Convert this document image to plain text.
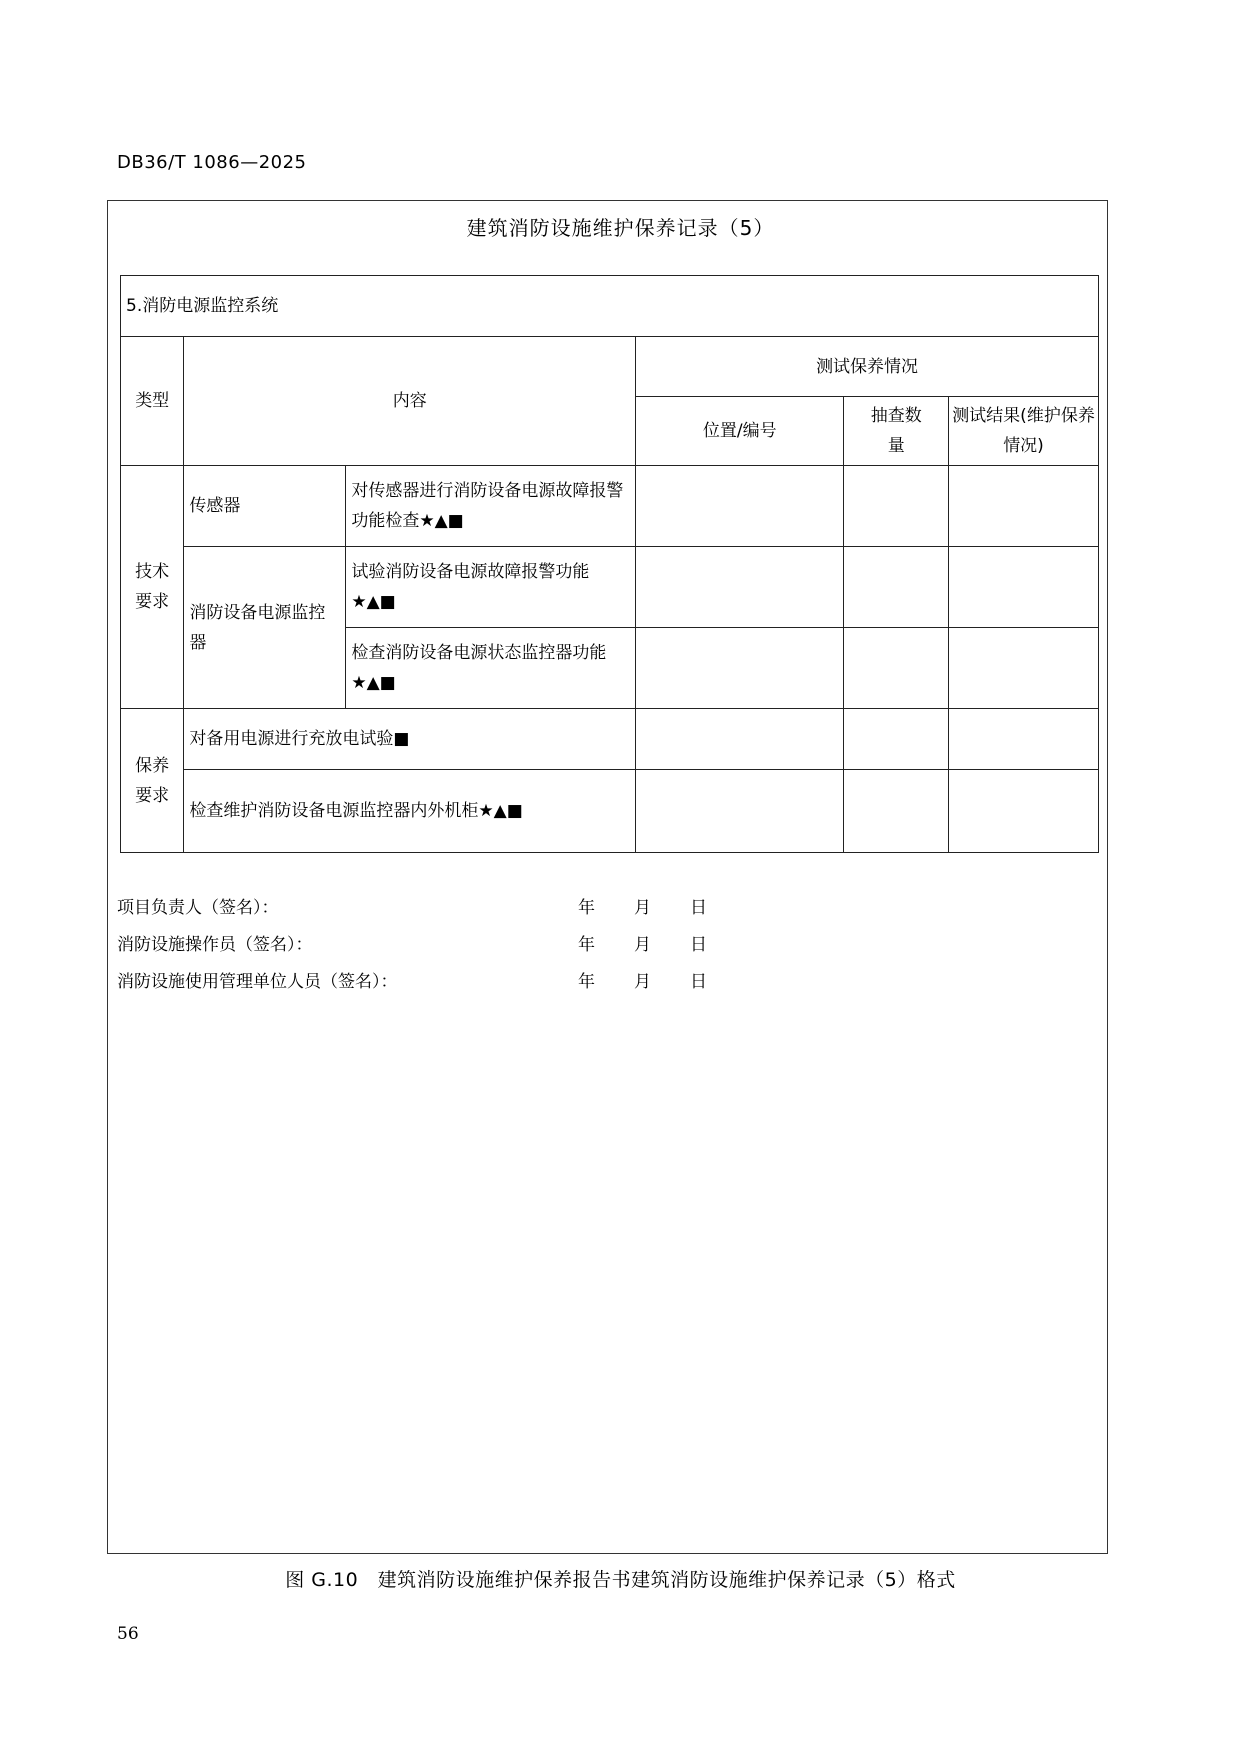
DB36/T 1086—2025
建筑消防设施维护保养记录（5）
5.消防电源监控系统					
类型	内容		测试保养情况		
			位置/编号	抽查数量	测试结果(维护保养情况)

技术要求	传感器	对传感器进行消防设备电源故障报警功能检查★▲■			
	消防设备电源监控器	试验消防设备电源故障报警功能★▲■			
		检查消防设备电源状态监控器功能★▲■			

保养要求	对备用电源进行充放电试验■				
	检查维护消防设备电源监控器内外机柜★▲■				
项目负责人（签名）：	年 月 日
消防设施操作员（签名）：	年 月 日
消防设施使用管理单位人员（签名）：	年 月 日
图 G.10　建筑消防设施维护保养报告书建筑消防设施维护保养记录（5）格式
56
